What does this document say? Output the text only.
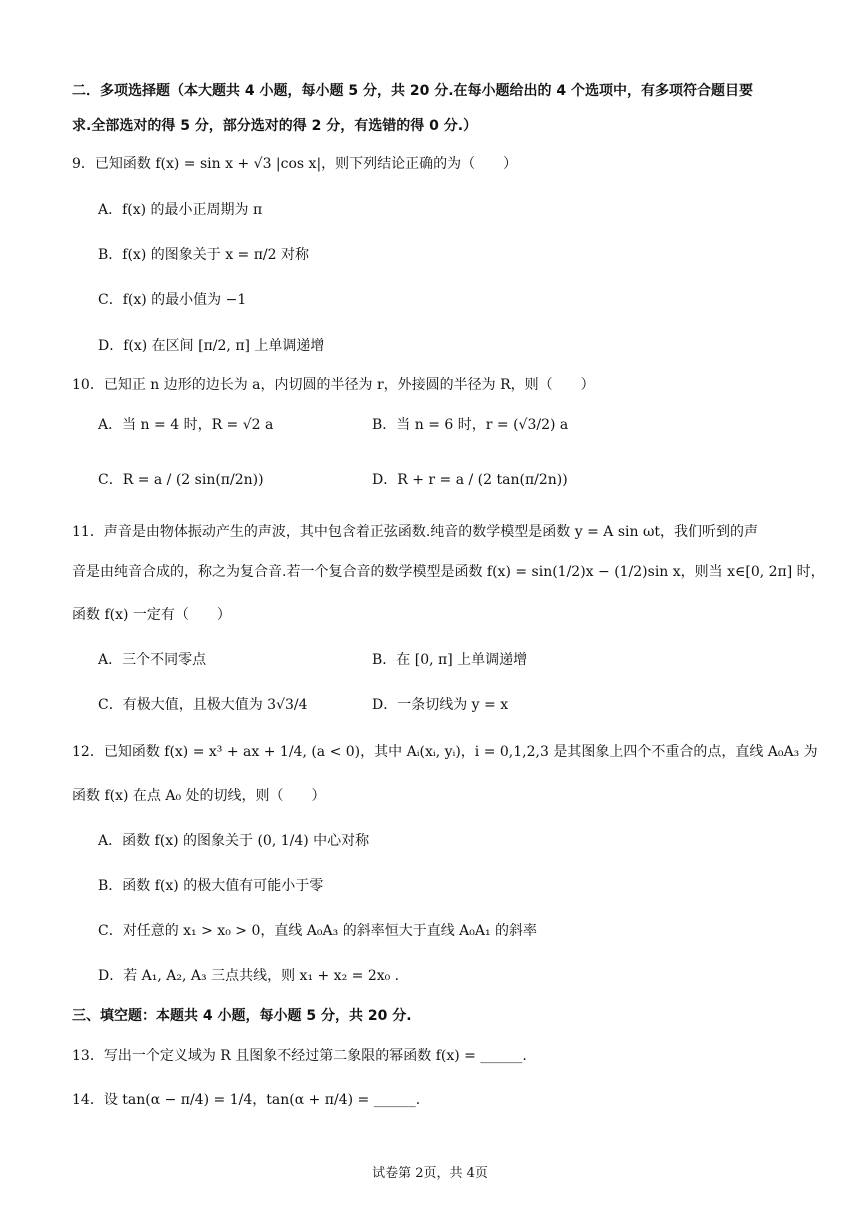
二．多项选择题（本大题共 4 小题，每小题 5 分，共 20 分.在每小题给出的 4 个选项中，有多项符合题目要
求.全部选对的得 5 分，部分选对的得 2 分，有选错的得 0 分.）
9．已知函数 f(x) = sin x + √3 |cos x|，则下列结论正确的为（　　）
A．f(x) 的最小正周期为 π
B．f(x) 的图象关于 x = π/2 对称
C．f(x) 的最小值为 −1
D．f(x) 在区间 [π/2, π] 上单调递增
10．已知正 n 边形的边长为 a，内切圆的半径为 r，外接圆的半径为 R，则（　　）
A．当 n = 4 时，R = √2 a	B．当 n = 6 时，r = (√3/2) a
C．R = a / (2 sin(π/2n))	D．R + r = a / (2 tan(π/2n))
11．声音是由物体振动产生的声波，其中包含着正弦函数.纯音的数学模型是函数 y = A sin ωt，我们听到的声
音是由纯音合成的，称之为复合音.若一个复合音的数学模型是函数 f(x) = sin(1/2)x − (1/2)sin x，则当 x∈[0, 2π] 时，
函数 f(x) 一定有（　　）
A．三个不同零点	B．在 [0, π] 上单调递增
C．有极大值，且极大值为 3√3/4	D．一条切线为 y = x
12．已知函数 f(x) = x³ + ax + 1/4, (a < 0)，其中 Aᵢ(xᵢ, yᵢ)，i = 0,1,2,3 是其图象上四个不重合的点，直线 A₀A₃ 为
函数 f(x) 在点 A₀ 处的切线，则（　　）
A．函数 f(x) 的图象关于 (0, 1/4) 中心对称
B．函数 f(x) 的极大值有可能小于零
C．对任意的 x₁ > x₀ > 0，直线 A₀A₃ 的斜率恒大于直线 A₀A₁ 的斜率
D．若 A₁, A₂, A₃ 三点共线，则 x₁ + x₂ = 2x₀ .
三、填空题：本题共 4 小题，每小题 5 分，共 20 分.
13．写出一个定义域为 R 且图象不经过第二象限的幂函数 f(x) = ______.
14．设 tan(α − π/4) = 1/4，tan(α + π/4) = ______.
试卷第 2页，共 4页
